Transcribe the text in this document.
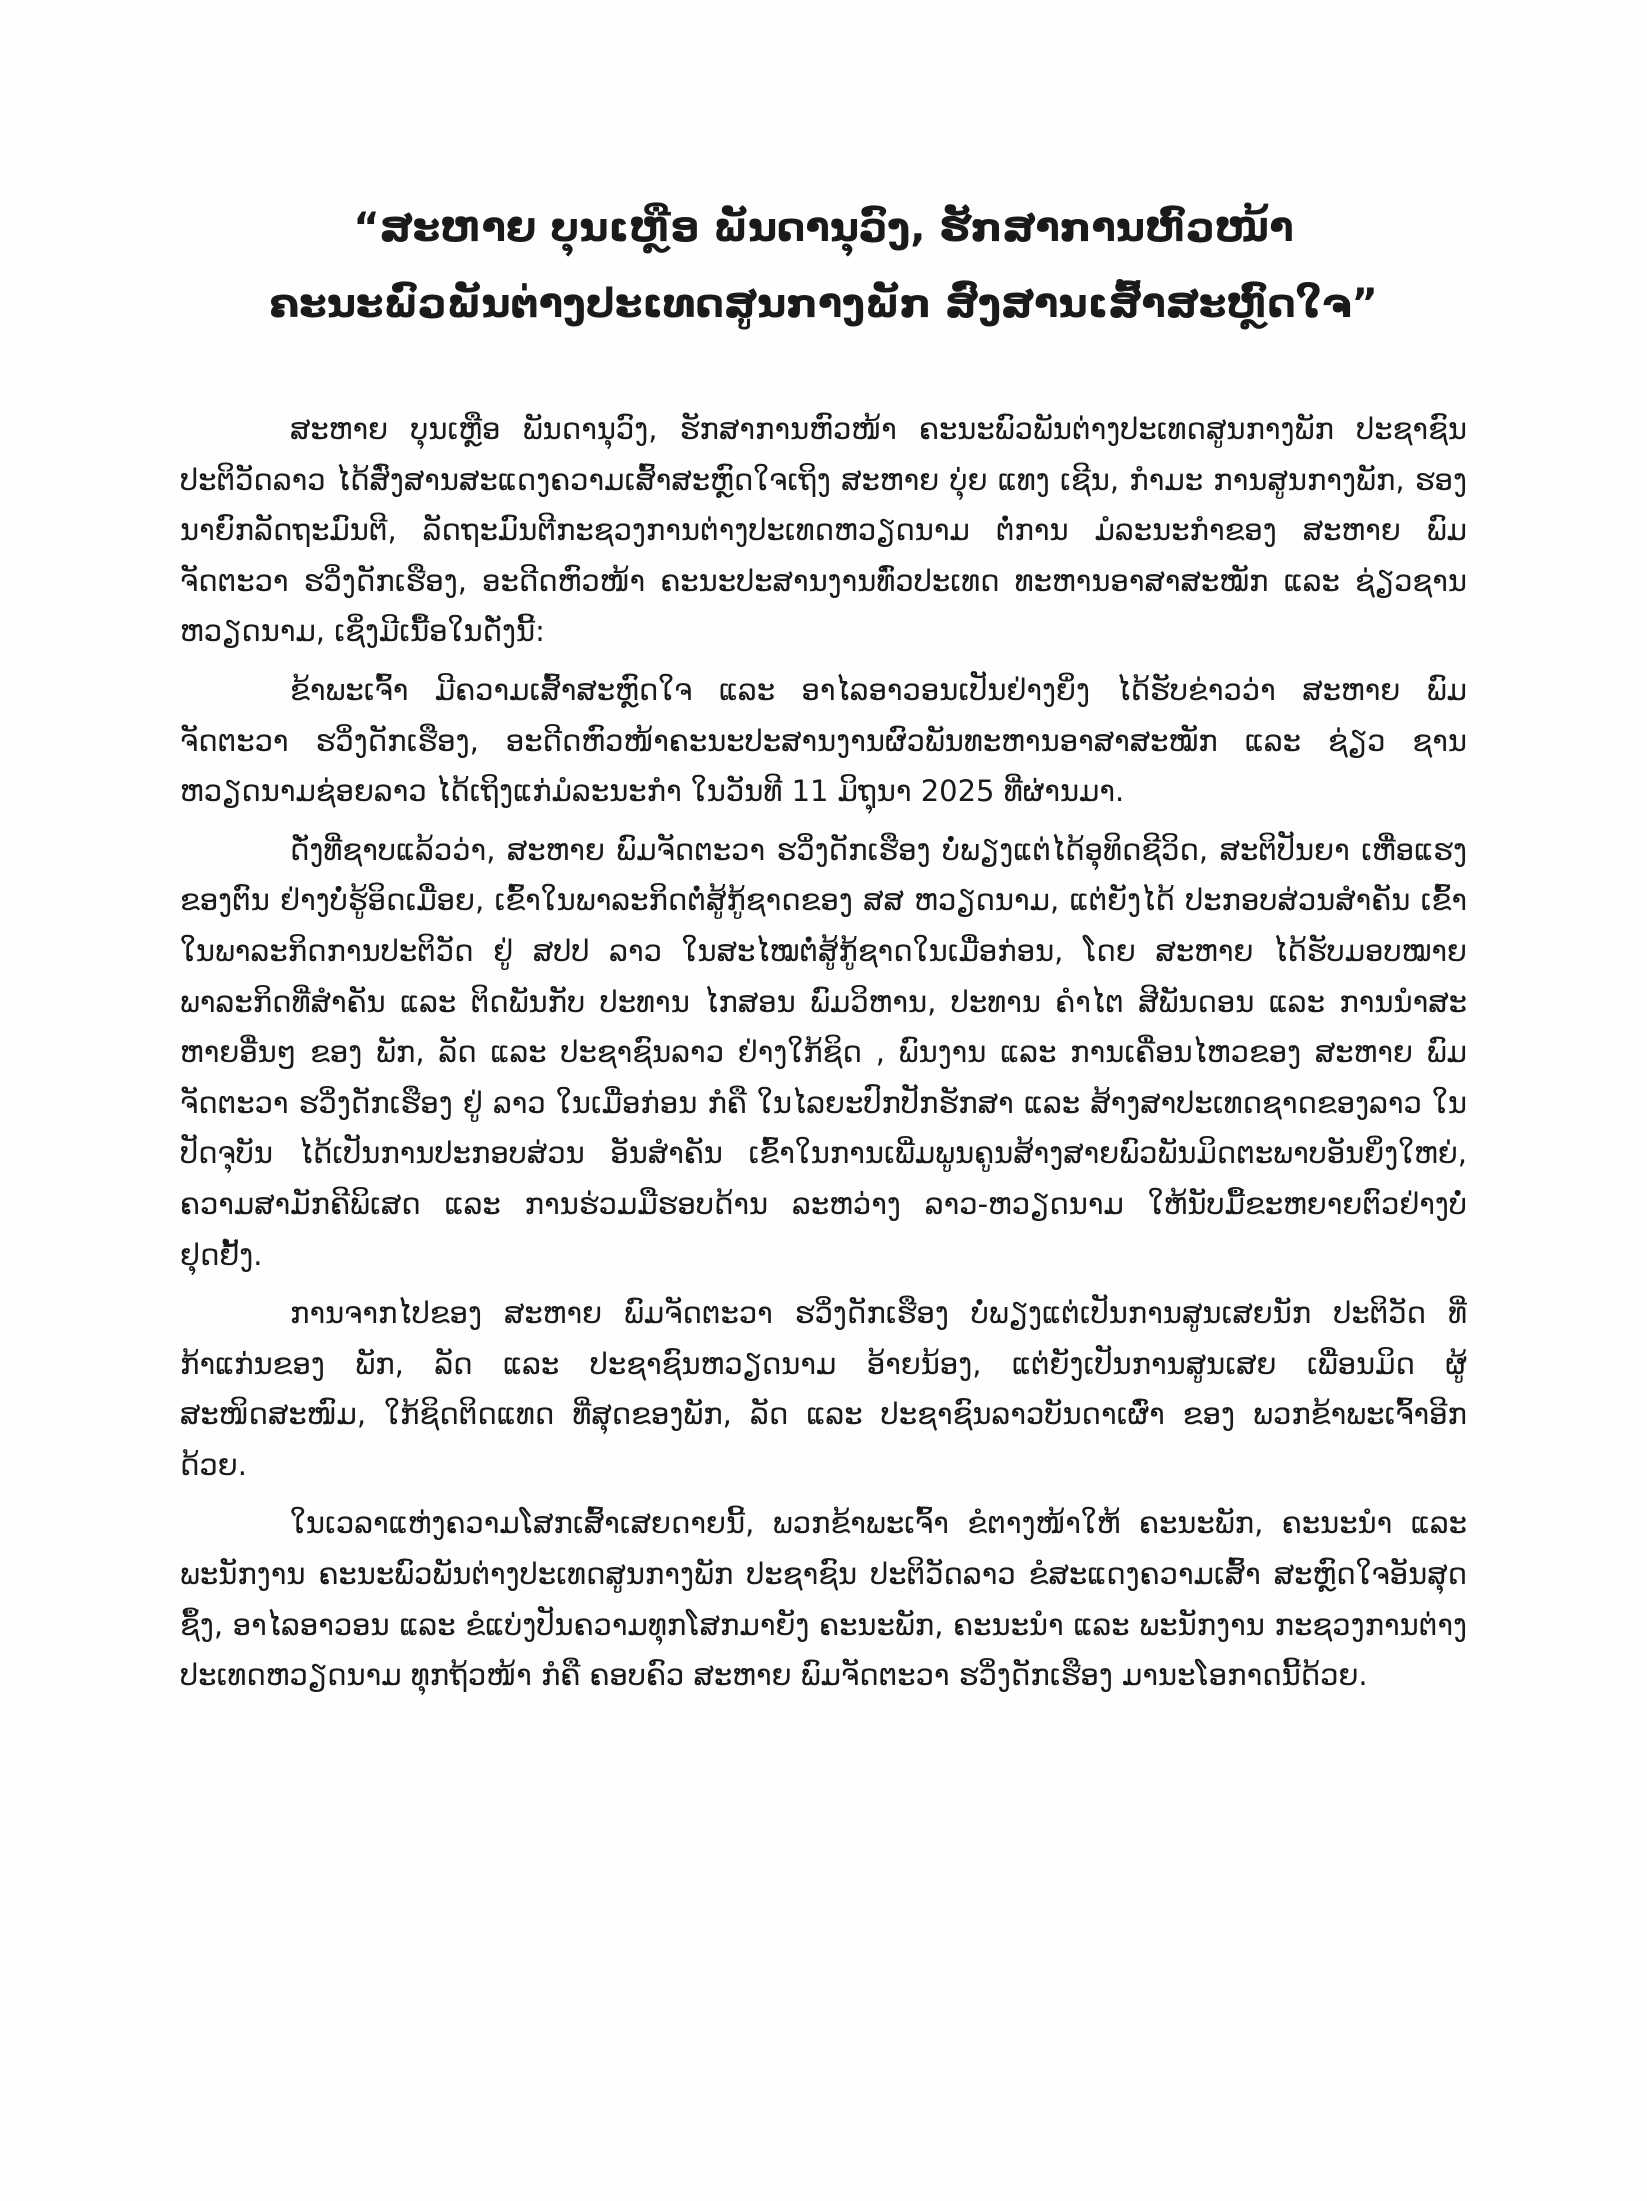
“ສະຫາຍ ບຸນເຫຼືອ ພັນດານຸວົງ, ຮັກສາການຫົວໜ້າ

ຄະນະພົວພັນຕ່າງປະເທດສູນກາງພັກ ສົ່ງສານເສົ້າສະຫຼົດໃຈ”

ສະຫາຍ ບຸນເຫຼືອ ພັນດານຸວົງ, ຮັກສາການຫົວໜ້າ ຄະນະພົວພັນຕ່າງປະເທດສູນກາງພັກ ປະຊາຊົນ ປະຕິວັດລາວ ໄດ້ສົ່ງສານສະແດງຄວາມເສົ້າສະຫຼົດໃຈເຖິງ ສະຫາຍ ບຸ່ຍ ແທງ ເຊີນ, ກຳມະ ການສູນກາງພັກ, ຮອງນາຍົກລັດຖະມົນຕີ, ລັດຖະມົນຕີກະຊວງການຕ່າງປະເທດຫວຽດນາມ ຕໍ່ການ ມໍລະນະກຳຂອງ ສະຫາຍ ພົມຈັດຕະວາ ຮວິ່ງດັກເຮືອງ, ອະດີດຫົວໜ້າ ຄະນະປະສານງານທົ່ວປະເທດ ທະຫານອາສາສະໝັກ ແລະ ຊ່ຽວຊານຫວຽດນາມ, ເຊິ່ງມີເນື້ອໃນດັ່ງນີ້:

ຂ້າພະເຈົ້າ ມີຄວາມເສົ້າສະຫຼົດໃຈ ແລະ ອາໄລອາວອນເປັນຢ່າງຍິ່ງ ໄດ້ຮັບຂ່າວວ່າ ສະຫາຍ ພົມ ຈັດຕະວາ ຮວິ່ງດັກເຮືອງ, ອະດີດຫົວໜ້າຄະນະປະສານງານຜົວພັນທະຫານອາສາສະໝັກ ແລະ ຊ່ຽວ ຊານຫວຽດນາມຊ່ອຍລາວ ໄດ້ເຖິງແກ່ມໍລະນະກຳ ໃນວັນທີ 11 ມິຖຸນາ 2025 ທີ່ຜ່ານມາ.

ດັ່ງທີ່ຊາບແລ້ວວ່າ, ສະຫາຍ ພົມຈັດຕະວາ ຮວິ່ງດັກເຮືອງ ບໍ່ພຽງແຕ່ໄດ້ອຸທິດຊີວິດ, ສະຕິປັນຍາ ເຫື່ອແຮງຂອງຕົນ ຢ່າງບໍ່ຮູ້ອິດເມື່ອຍ, ເຂົ້າໃນພາລະກິດຕໍ່ສູ້ກູ້ຊາດຂອງ ສສ ຫວຽດນາມ, ແຕ່ຍັງໄດ້ ປະກອບສ່ວນສຳຄັນ ເຂົ້າໃນພາລະກິດການປະຕິວັດ ຢູ່ ສປປ ລາວ ໃນສະໄໝຕໍ່ສູ້ກູ້ຊາດໃນເມື່ອກ່ອນ, ໂດຍ ສະຫາຍ ໄດ້ຮັບມອບໝາຍພາລະກິດທີ່ສຳຄັນ ແລະ ຕິດພັນກັບ ປະທານ ໄກສອນ ພົມວິຫານ, ປະທານ ຄຳໄຕ ສີພັນດອນ ແລະ ການນຳສະຫາຍອື່ນໆ ຂອງ ພັກ, ລັດ ແລະ ປະຊາຊົນລາວ ຢ່າງໃກ້ຊິດ , ພົນງານ ແລະ ການເຄື່ອນໄຫວຂອງ ສະຫາຍ ພົມຈັດຕະວາ ຮວິ່ງດັກເຮືອງ ຢູ່ ລາວ ໃນເມື່ອກ່ອນ ກໍຄື ໃນໄລຍະປົກປັກຮັກສາ ແລະ ສ້າງສາປະເທດຊາດຂອງລາວ ໃນປັດຈຸບັນ ໄດ້ເປັນການປະກອບສ່ວນ ອັນສຳຄັນ ເຂົ້າໃນການເພີ່ມພູນຄູນສ້າງສາຍພົວພັນມິດຕະພາບອັນຍິ່ງໃຫຍ່, ຄວາມສາມັກຄີພິເສດ ແລະ ການຮ່ວມມືຮອບດ້ານ ລະຫວ່າງ ລາວ-ຫວຽດນາມ ໃຫ້ນັບມື້ຂະຫຍາຍຕົວຢ່າງບໍ່ຢຸດຢັ້ງ.

ການຈາກໄປຂອງ ສະຫາຍ ພົມຈັດຕະວາ ຮວິ່ງດັກເຮືອງ ບໍ່ພຽງແຕ່ເປັນການສູນເສຍນັກ ປະຕິວັດ ທີ່ກ້າແກ່ນຂອງ ພັກ, ລັດ ແລະ ປະຊາຊົນຫວຽດນາມ ອ້າຍນ້ອງ, ແຕ່ຍັງເປັນການສູນເສຍ ເພື່ອນມິດ ຜູ້ສະໜິດສະໜົມ, ໃກ້ຊິດຕິດແທດ ທີ່ສຸດຂອງພັກ, ລັດ ແລະ ປະຊາຊົນລາວບັນດາເຜົ່າ ຂອງ ພວກຂ້າພະເຈົ້າອີກດ້ວຍ.

ໃນເວລາແຫ່ງຄວາມໂສກເສົ້າເສຍດາຍນີ້, ພວກຂ້າພະເຈົ້າ ຂໍຕາງໜ້າໃຫ້ ຄະນະພັກ, ຄະນະນຳ ແລະ ພະນັກງານ ຄະນະພົວພັນຕ່າງປະເທດສູນກາງພັກ ປະຊາຊົນ ປະຕິວັດລາວ ຂໍສະແດງຄວາມເສົ້າ ສະຫຼົດໃຈອັນສຸດຊຶ້ງ, ອາໄລອາວອນ ແລະ ຂໍແບ່ງປັນຄວາມທຸກໂສກມາຍັງ ຄະນະພັກ, ຄະນະນຳ ແລະ ພະນັກງານ ກະຊວງການຕ່າງປະເທດຫວຽດນາມ ທຸກຖ້ວໜ້າ ກໍຄື ຄອບຄົວ ສະຫາຍ ພົມຈັດຕະວາ ຮວິ່ງດັກເຮືອງ ມານະໂອກາດນີ້ດ້ວຍ.
